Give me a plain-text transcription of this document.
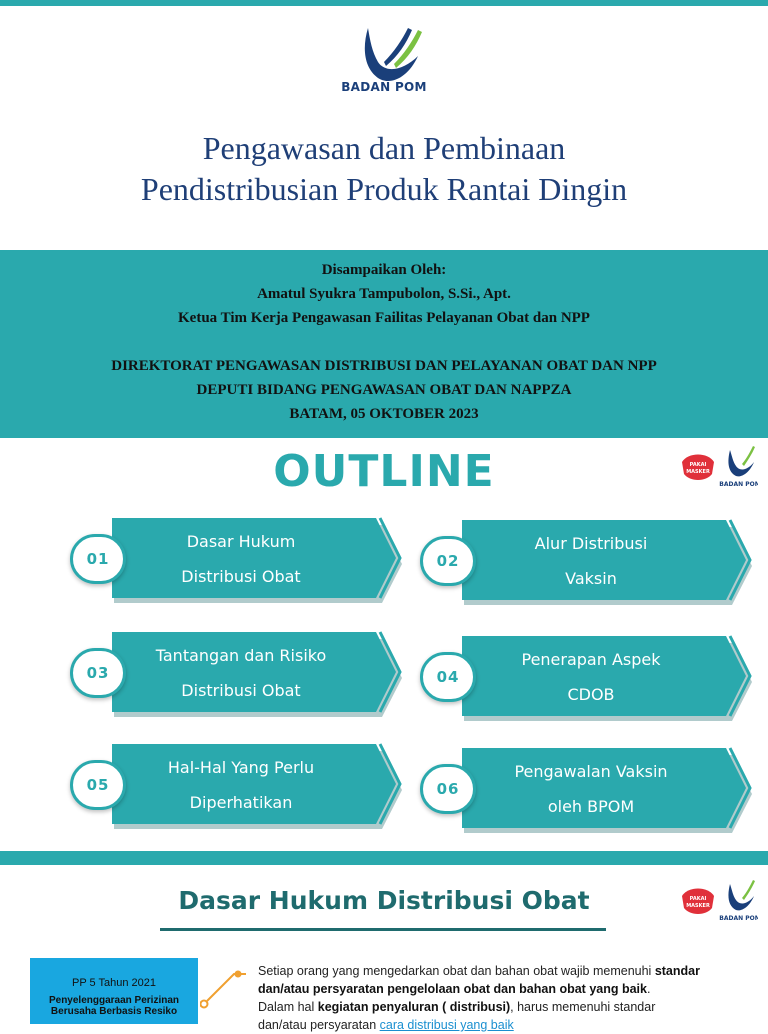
BADAN POM
Pengawasan dan Pembinaan
Pendistribusian Produk Rantai Dingin
Disampaikan Oleh:
Amatul Syukra Tampubolon, S.Si., Apt.
Ketua Tim Kerja Pengawasan Failitas Pelayanan Obat dan NPP
DIREKTORAT PENGAWASAN DISTRIBUSI DAN PELAYANAN OBAT DAN NPP
DEPUTI BIDANG PENGAWASAN OBAT DAN NAPPZA
BATAM, 05 OKTOBER 2023
OUTLINE	PAKAI
MASKER
BADAN POM
01
Dasar Hukum
Distribusi Obat
02
Alur Distribusi
Vaksin
03
Tantangan dan Risiko
Distribusi Obat
04
Penerapan Aspek
CDOB
05
Hal-Hal Yang Perlu
Diperhatikan
06
Pengawalan Vaksin
oleh BPOM
Dasar Hukum Distribusi Obat	PAKAI
MASKER
BADAN POM
PP 5 Tahun 2021
Penyelenggaraan Perizinan
Berusaha Berbasis Resiko
Setiap orang yang mengedarkan obat dan bahan obat wajib memenuhi standar
dan/atau persyaratan pengelolaan obat dan bahan obat yang baik.
Dalam hal kegiatan penyaluran ( distribusi), harus memenuhi standar
dan/atau persyaratan cara distribusi yang baik
